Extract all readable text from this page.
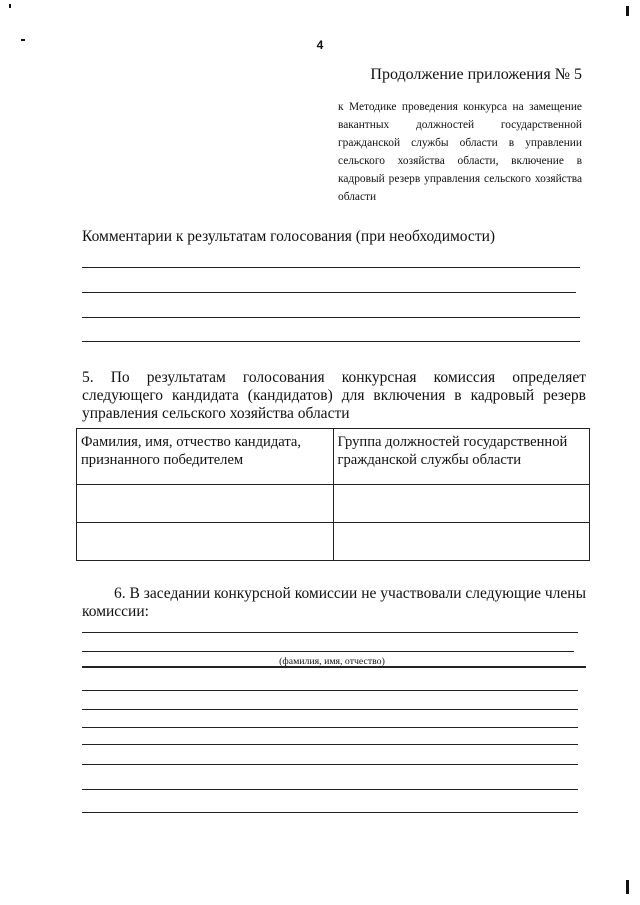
4
Продолжение приложения № 5
к Методике проведения конкурса на замещение вакантных должностей государственной гражданской службы области в управлении сельского хозяйства области, включение в кадровый резерв управления сельского хозяйства области
Комментарии к результатам голосования (при необходимости)
5. По результатам голосования конкурсная комиссия определяет следующего кандидата (кандидатов) для включения в кадровый резерв управления сельского хозяйства области
Фамилия, имя, отчество кандидата, признанного победителем	Группа должностей государственной гражданской службы области

6. В заседании конкурсной комиссии не участвовали следующие члены комиссии:
(фамилия, имя, отчество)
